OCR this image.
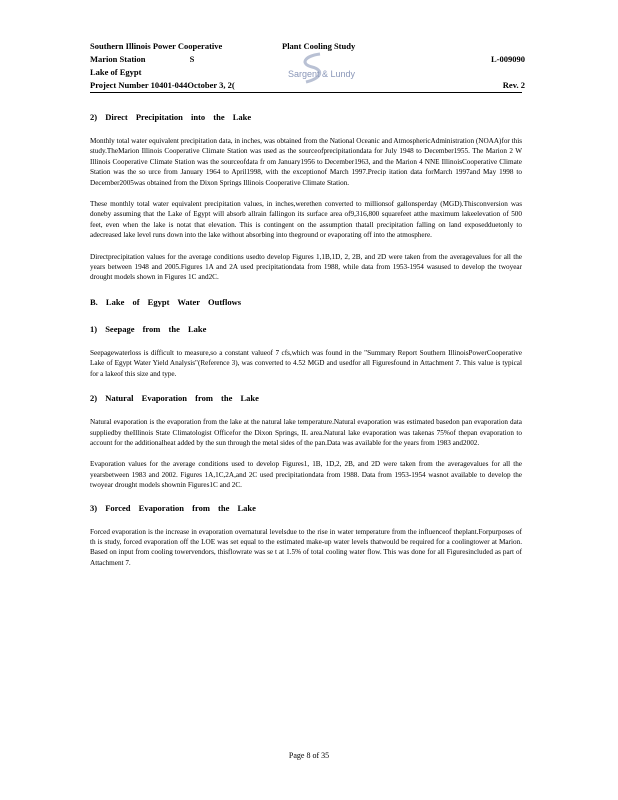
Southern Illinois Power Cooperative
Marion Station	S
Lake of Egypt
Project Number 10401-044October 3, 2(
Plant Cooling Study
Sargent & Lundy
L-009090
Rev. 2
2) Direct Precipitation into the Lake

Monthly total water equivalent precipitation data, in inches, was obtained from the National Oceanic and AtmosphericAdministration (NOAA)for this study.TheMarion Illinois Cooperative Climate Station was used as the sourceofprecipitationdata for July 1948 to December1955. The Marion 2 W Illinois Cooperative Climate Station was the sourceofdata fr om January1956 to December1963, and the Marion 4 NNE IllinoisCooperative Climate Station was the so urce from January 1964 to April1998, with the exceptionof March 1997.Precip itation data forMarch 1997and May 1998 to December2005was obtained from the Dixon Springs Illinois Cooperative Climate Station.

These monthly total water equivalent precipitation values, in inches,werethen converted to millionsof gallonsperday (MGD).Thisconversion was doneby assuming that the Lake of Egypt will absorb allrain fallingon its surface area of9,316,800 squarefeet atthe maximum lakeelevation of 500 feet, even when the lake is notat that elevation. This is contingent on the assumption thatall precipitation falling on land exposedduetonly to adecreased lake level runs down into the lake without absorbing into theground or evaporating off into the atmosphere.

Directprecipitation values for the average conditions usedto develop Figures 1,1B,1D, 2, 2B, and 2D were taken from the averagevalues for all the years between 1948 and 2005.Figures 1A and 2A used precipitationdata from 1988, while data from 1953-1954 wasused to develop the twoyear drought models shown in Figures 1C and2C.

B. Lake of Egypt Water Outflows
1) Seepage from the Lake

Seepagewaterloss is difficult to measure,so a constant valueof 7 cfs,which was found in the "Summary Report Southern IllinoisPowerCooperative Lake of Egypt Water Yield Analysis"(Reference 3), was converted to 4.52 MGD and usedfor all Figuresfound in Attachment 7. This value is typical for a lakeof this size and type.

2) Natural Evaporation from the Lake

Natural evaporation is the evaporation from the lake at the natural lake temperature.Natural evaporation was estimated basedon pan evaporation data suppliedby theIllinois State Climatologist Officefor the Dixon Springs, IL area.Natural lake evaporation was takenas 75%of thepan evaporation to account for the additionalheat added by the sun through the metal sides of the pan.Data was available for the years from 1983 and2002.

Evaporation values for the average conditions used to develop Figures1, 1B, 1D,2, 2B, and 2D were taken from the averagevalues for all the yearsbetween 1983 and 2002. Figures 1A,1C,2A,and 2C used precipitationdata from 1988. Data from 1953-1954 wasnot available to develop the twoyear drought models shownin Figures1C and 2C.

3) Forced Evaporation from the Lake

Forced evaporation is the increase in evaporation overnatural levelsdue to the rise in water temperature from the influenceof theplant.Forpurposes of th is study, forced evaporation off the LOE was set equal to the estimated make-up water levels thatwould be required for a coolingtower at Marion. Based on input from cooling towervendors, thisflowrate was se t at 1.5% of total cooling water flow. This was done for all Figuresincluded as part of Attachment 7.

Page 8 of 35
